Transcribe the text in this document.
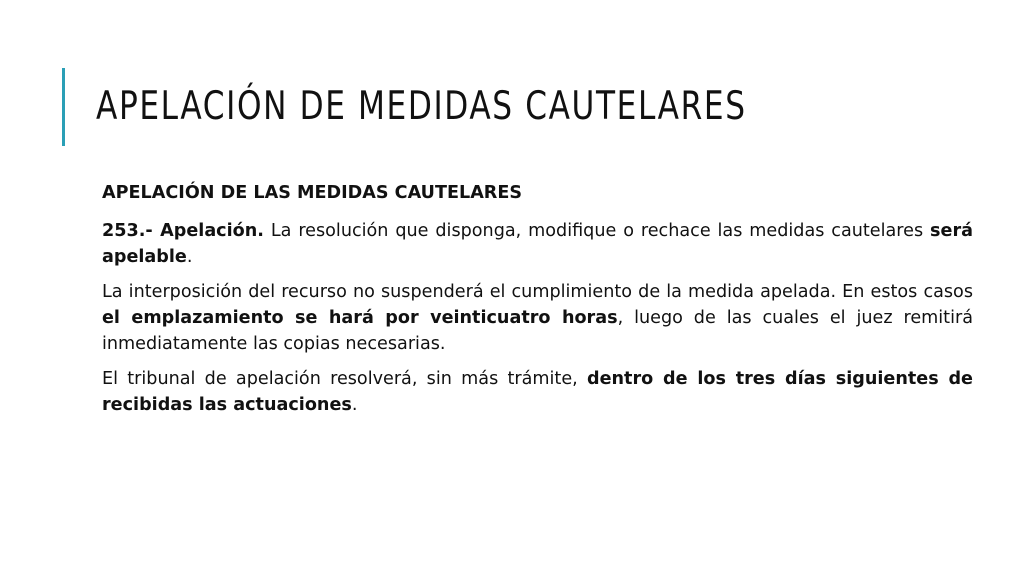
APELACIÓN DE MEDIDAS CAUTELARES

APELACIÓN DE LAS MEDIDAS CAUTELARES

253.- Apelación. La resolución que disponga, modifique o rechace las medidas cautelares será apelable.

La interposición del recurso no suspenderá el cumplimiento de la medida apelada. En estos casos el emplazamiento se hará por veinticuatro horas, luego de las cuales el juez remitirá inmediatamente las copias necesarias.

El tribunal de apelación resolverá, sin más trámite, dentro de los tres días siguientes de recibidas las actuaciones.
